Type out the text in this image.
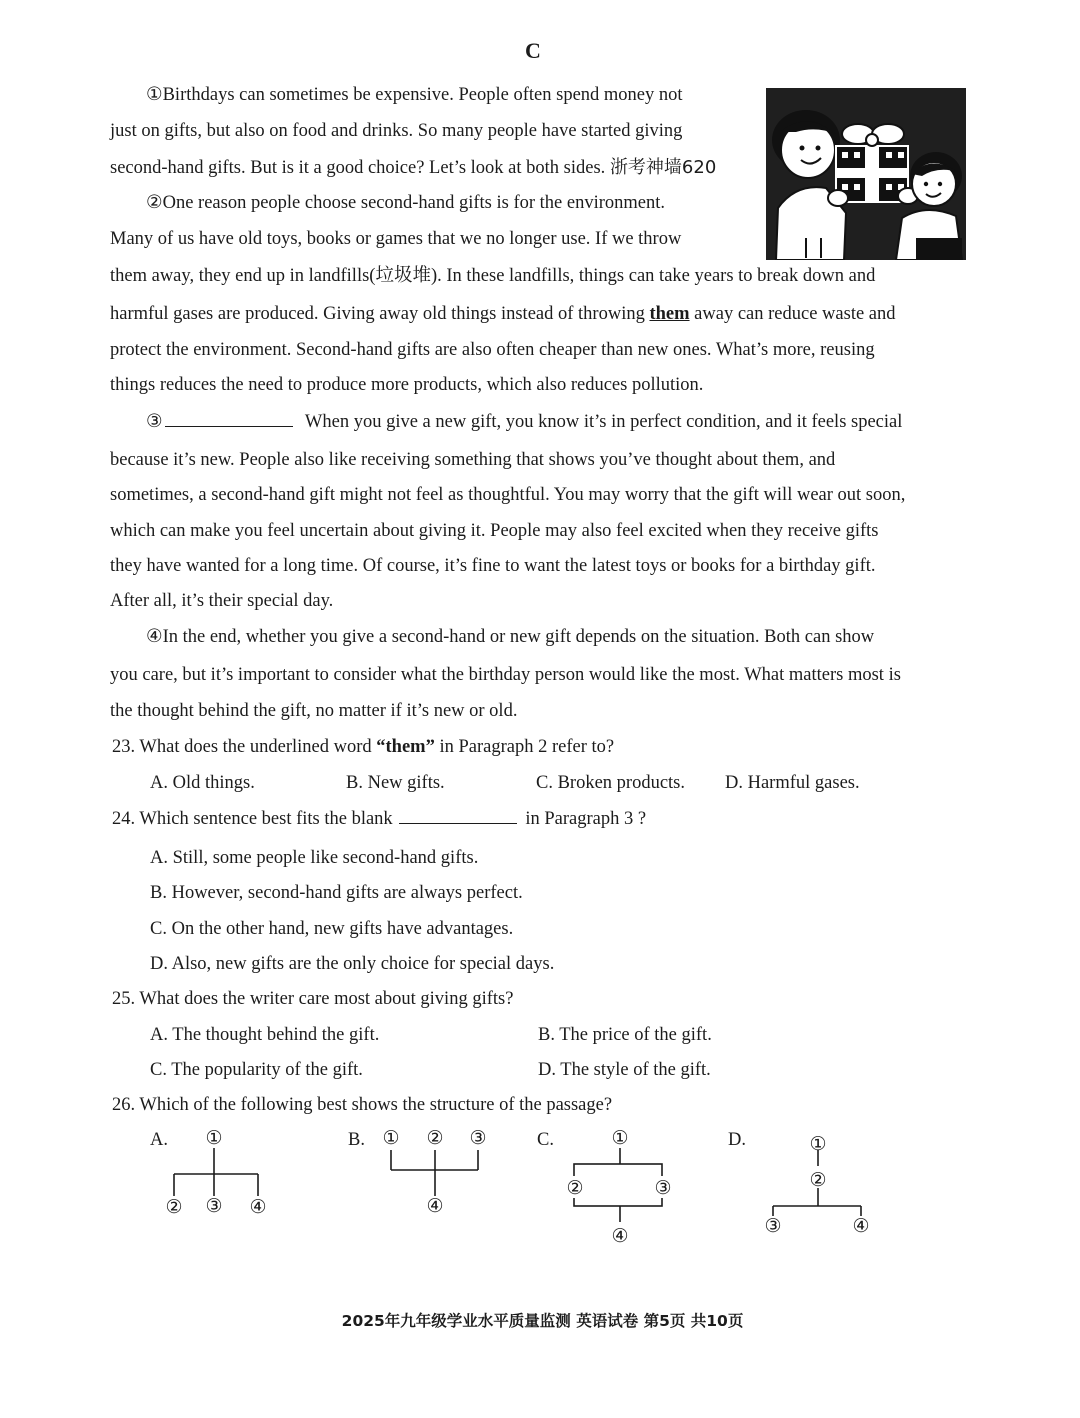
C

①Birthdays can sometimes be expensive. People often spend money not

just on gifts, but also on food and drinks. So many people have started giving

second-hand gifts. But is it a good choice? Let’s look at both sides. 浙考神墙620

②One reason people choose second-hand gifts is for the environment.

Many of us have old toys, books or games that we no longer use. If we throw

them away, they end up in landfills(垃圾堆). In these landfills, things can take years to break down and

harmful gases are produced. Giving away old things instead of throwing them away can reduce waste and

protect the environment. Second-hand gifts are also often cheaper than new ones. What’s more, reusing

things reduces the need to produce more products, which also reduces pollution.

③	When you give a new gift, you know it’s in perfect condition, and it feels special

because it’s new. People also like receiving something that shows you’ve thought about them, and

sometimes, a second-hand gift might not feel as thoughtful. You may worry that the gift will wear out soon,

which can make you feel uncertain about giving it. People may also feel excited when they receive gifts

they have wanted for a long time. Of course, it’s fine to want the latest toys or books for a birthday gift.

After all, it’s their special day.

④In the end, whether you give a second-hand or new gift depends on the situation. Both can show

you care, but it’s important to consider what the birthday person would like the most. What matters most is

the thought behind the gift, no matter if it’s new or old.

23. What does the underlined word “them” in Paragraph 2 refer to?
A. Old things.	B. New gifts.	C. Broken products. D. Harmful gases.
24. Which sentence best fits the blank	in Paragraph 3 ?
A. Still, some people like second-hand gifts.
B. However, second-hand gifts are always perfect.
C. On the other hand, new gifts have advantages.
D. Also, new gifts are the only choice for special days.
25. What does the writer care most about giving gifts?
A. The thought behind the gift.	B. The price of the gift.
C. The popularity of the gift.	D. The style of the gift.
26. Which of the following best shows the structure of the passage?
A.	B.	C.	D.
①
② ③ ④
① ② ③
④
①
②	③
④
①
②
③	④
2025年九年级学业水平质量监测 英语试卷 第5页 共10页
